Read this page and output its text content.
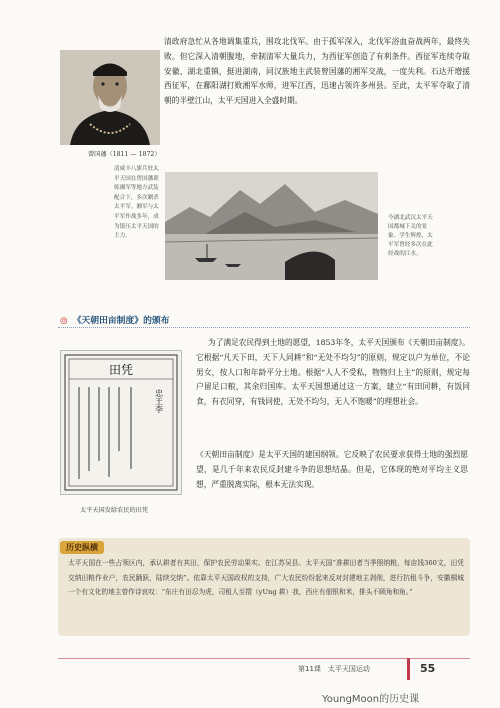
曾国藩（1811 — 1872）
清咸丰八旗兵驻太平天国在曾国藩训练湘军等地方武装配合下，多次剿杀太平军。湘军与太平军作战多年，成为镇压太平天国的主力。
清政府急忙从各地调集重兵，围攻北伐军。由于孤军深入，北伐军浴血奋战两年，最终失败。但它深入清朝腹地，牵制清军大量兵力，为西征军创造了有利条件。西征军连续夺取安徽、湖北重镇，挺进湖南，同汉族地主武装曾国藩的湘军交战，一度失利。石达开增援西征军，在鄱阳湖打败湘军水师，进军江西，迅速占领许多州县。至此，太平军夺取了清朝的半壁江山，太平天国进入全盛时期。
今湖北武汉太平天国都城下关的景象。学生辉煌，太平军曾经多次在此经战的江水。
◎ 《天朝田亩制度》的颁布
为了满足农民得到土地的愿望，1853年冬，太平天国颁布《天朝田亩制度》。它根据“凡天下田，天下人同耕”和“无处不均匀”的原则，规定以户为单位，不论男女，按人口和年龄平分土地。根据“人人不受私，物物归上主”的原则，规定每户留足口粮，其余归国库。太平天国想通过这一方案，建立“有田同耕，有饭同食，有衣同穿，有钱同使，无处不均匀，无人不饱暖”的理想社会。
田凭
忠王李
太平天国发给农民的田凭
《天朝田亩制度》是太平天国的建国纲领。它反映了农民要求获得土地的强烈愿望，是几千年来农民反封建斗争的思想结晶。但是，它体现的绝对平均主义思想，严重脱离实际，根本无法实现。
历史纵横
太平天国在一些占领区内，承认耕者有其田，保护农民劳动果实。在江苏吴县、太平天国“准耕田者当季照纳粮，每亩钱360文，田凭交纳田粮作业户，农民踊跃，陆续交纳”。依靠太平天国政权的支持，广大农民纷纷起来反对封建地主剥削，进行抗租斗争，安徽桐城一个有文化的地主曾作诗哀叹：“东庄有田忍为虎，司租人至擐（yUng 耕）我，西庄有佃银和米，排头不顾角和角。”
第11课　太平天国运动	55
YoungMoon的历史课
